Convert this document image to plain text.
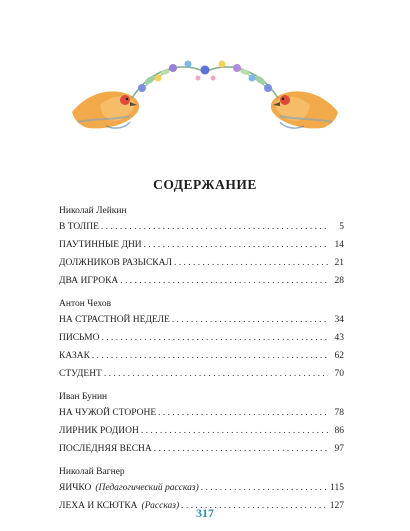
СОДЕРЖАНИЕ
Николай Лейкин
В ТОЛПЕ . . .	5
ПАУТИННЫЕ ДНИ . . .	14
ДОЛЖНИКОВ РАЗЫСКАЛ . . .	21
ДВА ИГРОКА . . .	28
Антон Чехов
НА СТРАСТНОЙ НЕДЕЛЕ . . .	34
ПИСЬМО . . .	43
КАЗАК . . .	62
СТУДЕНТ . . .	70
Иван Бунин
НА ЧУЖОЙ СТОРОНЕ . . .	78
ЛИРНИК РОДИОН . . .	86
ПОСЛЕДНЯЯ ВЕСНА . . .	97
Николай Вагнер
ЯИЧКО (Педагогический рассказ) . . .	115
ЛЕХА И КСЮТКА (Рассказ) . . .	127
317
